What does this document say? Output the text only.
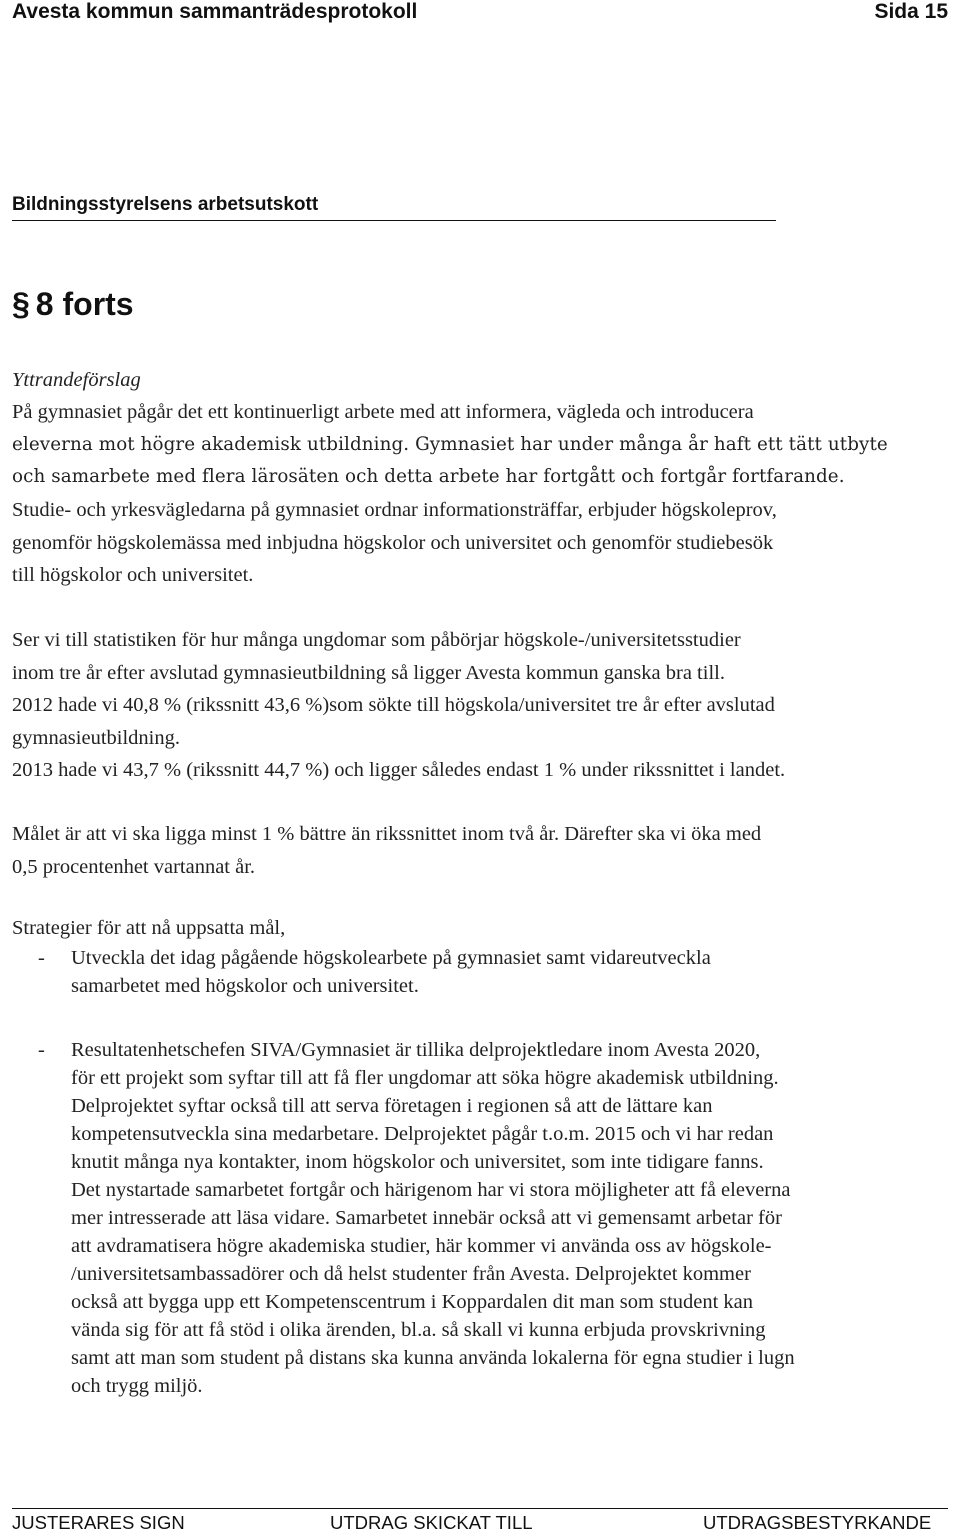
Avesta kommun sammanträdesprotokoll	Sida 15
Bildningsstyrelsens arbetsutskott
§ 8 forts
Yttrandeförslag
På gymnasiet pågår det ett kontinuerligt arbete med att informera, vägleda och introducera
eleverna mot högre akademisk utbildning. Gymnasiet har under många år haft ett tätt utbyte
och samarbete med flera lärosäten och detta arbete har fortgått och fortgår fortfarande.
Studie- och yrkesvägledarna på gymnasiet ordnar informationsträffar, erbjuder högskoleprov,
genomför högskolemässa med inbjudna högskolor och universitet och genomför studiebesök
till högskolor och universitet.
Ser vi till statistiken för hur många ungdomar som påbörjar högskole-/universitetsstudier
inom tre år efter avslutad gymnasieutbildning så ligger Avesta kommun ganska bra till.
2012 hade vi 40,8 % (rikssnitt 43,6 %)som sökte till högskola/universitet tre år efter avslutad
gymnasieutbildning.
2013 hade vi 43,7 % (rikssnitt 44,7 %) och ligger således endast 1 % under rikssnittet i landet.
Målet är att vi ska ligga minst 1 % bättre än rikssnittet inom två år. Därefter ska vi öka med
0,5 procentenhet vartannat år.
Strategier för att nå uppsatta mål,
- Utveckla det idag pågående högskolearbete på gymnasiet samt vidareutveckla
samarbetet med högskolor och universitet.
- Resultatenhetschefen SIVA/Gymnasiet är tillika delprojektledare inom Avesta 2020,
för ett projekt som syftar till att få fler ungdomar att söka högre akademisk utbildning.
Delprojektet syftar också till att serva företagen i regionen så att de lättare kan
kompetensutveckla sina medarbetare. Delprojektet pågår t.o.m. 2015 och vi har redan
knutit många nya kontakter, inom högskolor och universitet, som inte tidigare fanns.
Det nystartade samarbetet fortgår och härigenom har vi stora möjligheter att få eleverna
mer intresserade att läsa vidare. Samarbetet innebär också att vi gemensamt arbetar för
att avdramatisera högre akademiska studier, här kommer vi använda oss av högskole-
/universitetsambassadörer och då helst studenter från Avesta. Delprojektet kommer
också att bygga upp ett Kompetenscentrum i Koppardalen dit man som student kan
vända sig för att få stöd i olika ärenden, bl.a. så skall vi kunna erbjuda provskrivning
samt att man som student på distans ska kunna använda lokalerna för egna studier i lugn
och trygg miljö.
JUSTERARES SIGN	UTDRAG SKICKAT TILL	UTDRAGSBESTYRKANDE
